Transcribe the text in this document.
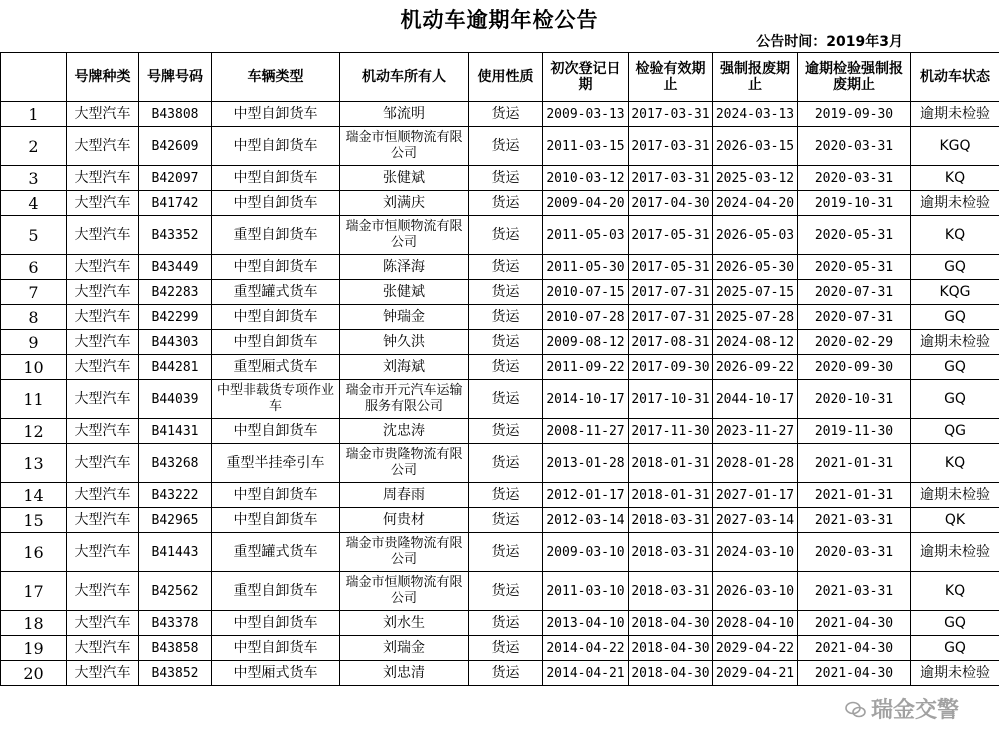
机动车逾期年检公告
公告时间：2019年3月
	号牌种类	号牌号码	车辆类型	机动车所有人	使用性质	初次登记日期	检验有效期止	强制报废期止	逾期检验强制报废期止	机动车状态
1	大型汽车	B43808	中型自卸货车	邹流明	货运	2009-03-13	2017-03-31	2024-03-13	2019-09-30	逾期未检验
2	大型汽车	B42609	中型自卸货车	瑞金市恒顺物流有限公司	货运	2011-03-15	2017-03-31	2026-03-15	2020-03-31	KGQ
3	大型汽车	B42097	中型自卸货车	张健斌	货运	2010-03-12	2017-03-31	2025-03-12	2020-03-31	KQ
4	大型汽车	B41742	中型自卸货车	刘满庆	货运	2009-04-20	2017-04-30	2024-04-20	2019-10-31	逾期未检验
5	大型汽车	B43352	重型自卸货车	瑞金市恒顺物流有限公司	货运	2011-05-03	2017-05-31	2026-05-03	2020-05-31	KQ
6	大型汽车	B43449	中型自卸货车	陈泽海	货运	2011-05-30	2017-05-31	2026-05-30	2020-05-31	GQ
7	大型汽车	B42283	重型罐式货车	张健斌	货运	2010-07-15	2017-07-31	2025-07-15	2020-07-31	KQG
8	大型汽车	B42299	中型自卸货车	钟瑞金	货运	2010-07-28	2017-07-31	2025-07-28	2020-07-31	GQ
9	大型汽车	B44303	中型自卸货车	钟久洪	货运	2009-08-12	2017-08-31	2024-08-12	2020-02-29	逾期未检验
10	大型汽车	B44281	重型厢式货车	刘海斌	货运	2011-09-22	2017-09-30	2026-09-22	2020-09-30	GQ
11	大型汽车	B44039	中型非载货专项作业车	瑞金市开元汽车运输服务有限公司	货运	2014-10-17	2017-10-31	2044-10-17	2020-10-31	GQ
12	大型汽车	B41431	中型自卸货车	沈忠涛	货运	2008-11-27	2017-11-30	2023-11-27	2019-11-30	QG
13	大型汽车	B43268	重型半挂牵引车	瑞金市贵隆物流有限公司	货运	2013-01-28	2018-01-31	2028-01-28	2021-01-31	KQ
14	大型汽车	B43222	中型自卸货车	周春雨	货运	2012-01-17	2018-01-31	2027-01-17	2021-01-31	逾期未检验
15	大型汽车	B42965	中型自卸货车	何贵材	货运	2012-03-14	2018-03-31	2027-03-14	2021-03-31	QK
16	大型汽车	B41443	重型罐式货车	瑞金市贵隆物流有限公司	货运	2009-03-10	2018-03-31	2024-03-10	2020-03-31	逾期未检验
17	大型汽车	B42562	重型自卸货车	瑞金市恒顺物流有限公司	货运	2011-03-10	2018-03-31	2026-03-10	2021-03-31	KQ
18	大型汽车	B43378	中型自卸货车	刘水生	货运	2013-04-10	2018-04-30	2028-04-10	2021-04-30	GQ
19	大型汽车	B43858	中型自卸货车	刘瑞金	货运	2014-04-22	2018-04-30	2029-04-22	2021-04-30	GQ
20	大型汽车	B43852	中型厢式货车	刘忠清	货运	2014-04-21	2018-04-30	2029-04-21	2021-04-30	逾期未检验
瑞金交警
